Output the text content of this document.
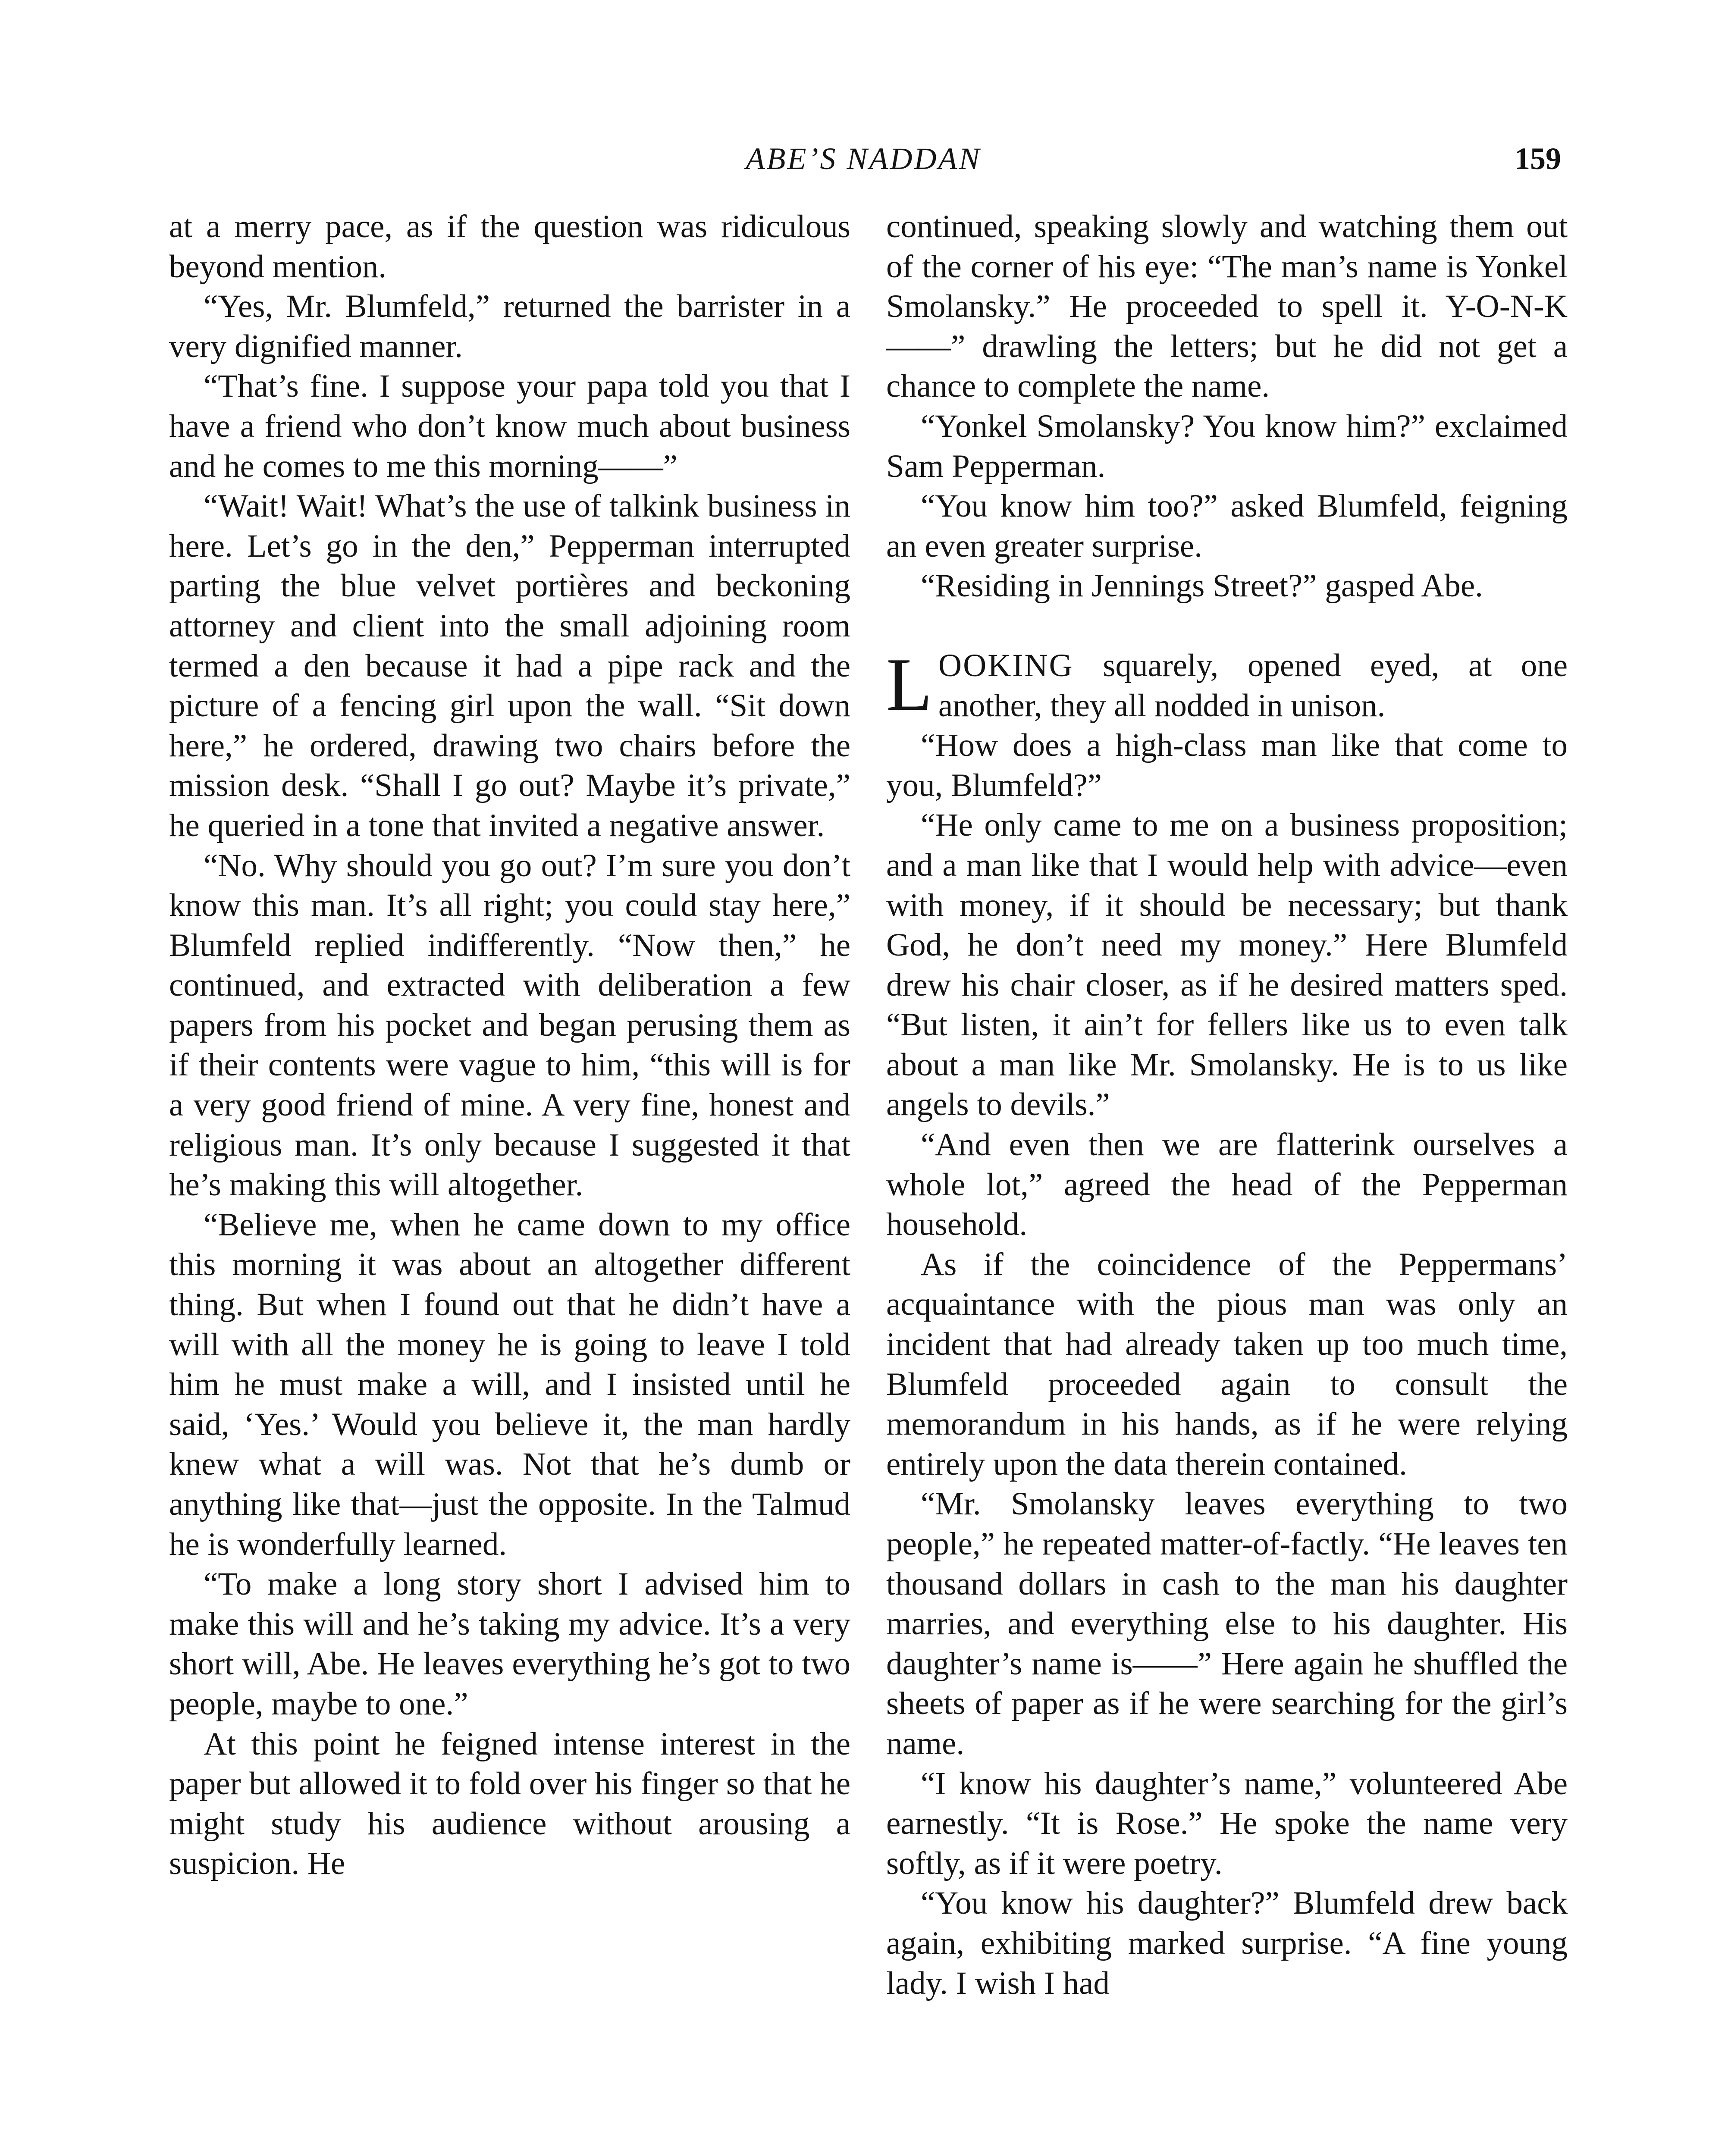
ABE’S NADDAN	159

at a merry pace, as if the question was ridiculous beyond mention.

“Yes, Mr. Blumfeld,” returned the barrister in a very dignified manner.

“That’s fine. I suppose your papa told you that I have a friend who don’t know much about business and he comes to me this morning——”

“Wait! Wait! What’s the use of talkink business in here. Let’s go in the den,” Pepperman interrupted parting the blue velvet portières and beckoning attorney and client into the small adjoining room termed a den because it had a pipe rack and the picture of a fencing girl upon the wall. “Sit down here,” he ordered, drawing two chairs before the mission desk. “Shall I go out? Maybe it’s private,” he queried in a tone that invited a negative answer.

“No. Why should you go out? I’m sure you don’t know this man. It’s all right; you could stay here,” Blumfeld replied indifferently. “Now then,” he continued, and extracted with deliberation a few papers from his pocket and began perusing them as if their contents were vague to him, “this will is for a very good friend of mine. A very fine, honest and religious man. It’s only because I suggested it that he’s making this will altogether.

“Believe me, when he came down to my office this morning it was about an altogether different thing. But when I found out that he didn’t have a will with all the money he is going to leave I told him he must make a will, and I insisted until he said, ‘Yes.’ Would you believe it, the man hardly knew what a will was. Not that he’s dumb or anything like that—just the opposite. In the Talmud he is wonderfully learned.

“To make a long story short I advised him to make this will and he’s taking my advice. It’s a very short will, Abe. He leaves everything he’s got to two people, maybe to one.”

At this point he feigned intense interest in the paper but allowed it to fold over his finger so that he might study his audience without arousing a suspicion. He

continued, speaking slowly and watching them out of the corner of his eye: “The man’s name is Yonkel Smolansky.” He proceeded to spell it. Y-O-N-K——” drawling the letters; but he did not get a chance to complete the name.

“Yonkel Smolansky? You know him?” exclaimed Sam Pepperman.

“You know him too?” asked Blumfeld, feigning an even greater surprise.

“Residing in Jennings Street?” gasped Abe.

LOOKING squarely, opened eyed, at one another, they all nodded in unison.

“How does a high-class man like that come to you, Blumfeld?”

“He only came to me on a business proposition; and a man like that I would help with advice—even with money, if it should be necessary; but thank God, he don’t need my money.” Here Blumfeld drew his chair closer, as if he desired matters sped. “But listen, it ain’t for fellers like us to even talk about a man like Mr. Smolansky. He is to us like angels to devils.”

“And even then we are flatterink ourselves a whole lot,” agreed the head of the Pepperman household.

As if the coincidence of the Peppermans’ acquaintance with the pious man was only an incident that had already taken up too much time, Blumfeld proceeded again to consult the memorandum in his hands, as if he were relying entirely upon the data therein contained.

“Mr. Smolansky leaves everything to two people,” he repeated matter-of-factly. “He leaves ten thousand dollars in cash to the man his daughter marries, and everything else to his daughter. His daughter’s name is——” Here again he shuffled the sheets of paper as if he were searching for the girl’s name.

“I know his daughter’s name,” volunteered Abe earnestly. “It is Rose.” He spoke the name very softly, as if it were poetry.

“You know his daughter?” Blumfeld drew back again, exhibiting marked surprise. “A fine young lady. I wish I had
